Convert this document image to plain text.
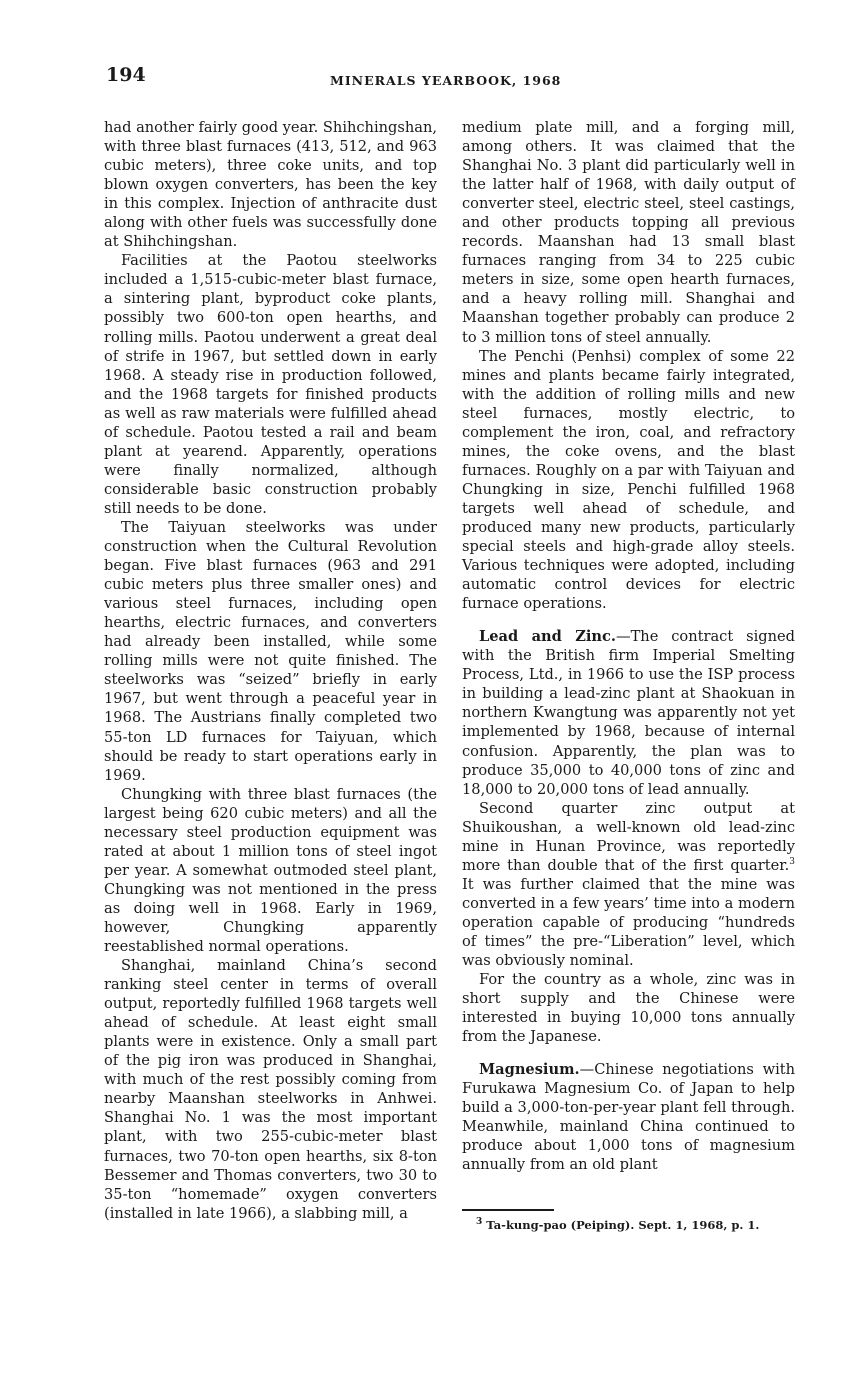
194	MINERALS YEARBOOK, 1968

had another fairly good year. Shihchingshan, with three blast furnaces (413, 512, and 963 cubic meters), three coke units, and top blown oxygen converters, has been the key in this complex. Injection of anthracite dust along with other fuels was successfully done at Shihchingshan.

Facilities at the Paotou steelworks included a 1,515-cubic-meter blast furnace, a sintering plant, byproduct coke plants, possibly two 600-ton open hearths, and rolling mills. Paotou underwent a great deal of strife in 1967, but settled down in early 1968. A steady rise in production followed, and the 1968 targets for finished products as well as raw materials were fulfilled ahead of schedule. Paotou tested a rail and beam plant at yearend. Apparently, operations were finally normalized, although considerable basic construction probably still needs to be done.

The Taiyuan steelworks was under construction when the Cultural Revolution began. Five blast furnaces (963 and 291 cubic meters plus three smaller ones) and various steel furnaces, including open hearths, electric furnaces, and converters had already been installed, while some rolling mills were not quite finished. The steelworks was “seized” briefly in early 1967, but went through a peaceful year in 1968. The Austrians finally completed two 55-ton LD furnaces for Taiyuan, which should be ready to start operations early in 1969.

Chungking with three blast furnaces (the largest being 620 cubic meters) and all the necessary steel production equipment was rated at about 1 million tons of steel ingot per year. A somewhat outmoded steel plant, Chungking was not mentioned in the press as doing well in 1968. Early in 1969, however, Chungking apparently reestablished normal operations.

Shanghai, mainland China’s second ranking steel center in terms of overall output, reportedly fulfilled 1968 targets well ahead of schedule. At least eight small plants were in existence. Only a small part of the pig iron was produced in Shanghai, with much of the rest possibly coming from nearby Maanshan steelworks in Anhwei. Shanghai No. 1 was the most important plant, with two 255-cubic-meter blast furnaces, two 70-ton open hearths, six 8-ton Bessemer and Thomas converters, two 30 to 35-ton “homemade” oxygen converters (installed in late 1966), a slabbing mill, a

medium plate mill, and a forging mill, among others. It was claimed that the Shanghai No. 3 plant did particularly well in the latter half of 1968, with daily output of converter steel, electric steel, steel castings, and other products topping all previous records. Maanshan had 13 small blast furnaces ranging from 34 to 225 cubic meters in size, some open hearth furnaces, and a heavy rolling mill. Shanghai and Maanshan together probably can produce 2 to 3 million tons of steel annually.

The Penchi (Penhsi) complex of some 22 mines and plants became fairly integrated, with the addition of rolling mills and new steel furnaces, mostly electric, to complement the iron, coal, and refractory mines, the coke ovens, and the blast furnaces. Roughly on a par with Taiyuan and Chungking in size, Penchi fulfilled 1968 targets well ahead of schedule, and produced many new products, particularly special steels and high-grade alloy steels. Various techniques were adopted, including automatic control devices for electric furnace operations.

Lead and Zinc.—The contract signed with the British firm Imperial Smelting Process, Ltd., in 1966 to use the ISP process in building a lead-zinc plant at Shaokuan in northern Kwangtung was apparently not yet implemented by 1968, because of internal confusion. Apparently, the plan was to produce 35,000 to 40,000 tons of zinc and 18,000 to 20,000 tons of lead annually.

Second quarter zinc output at Shuikoushan, a well-known old lead-zinc mine in Hunan Province, was reportedly more than double that of the first quarter.$^3$ It was further claimed that the mine was converted in a few years’ time into a modern operation capable of producing “hundreds of times” the pre-“Liberation” level, which was obviously nominal.

For the country as a whole, zinc was in short supply and the Chinese were interested in buying 10,000 tons annually from the Japanese.

Magnesium.—Chinese negotiations with Furukawa Magnesium Co. of Japan to help build a 3,000-ton-per-year plant fell through. Meanwhile, mainland China continued to produce about 1,000 tons of magnesium annually from an old plant

$^3$ Ta-kung-pao (Peiping). Sept. 1, 1968, p. 1.
